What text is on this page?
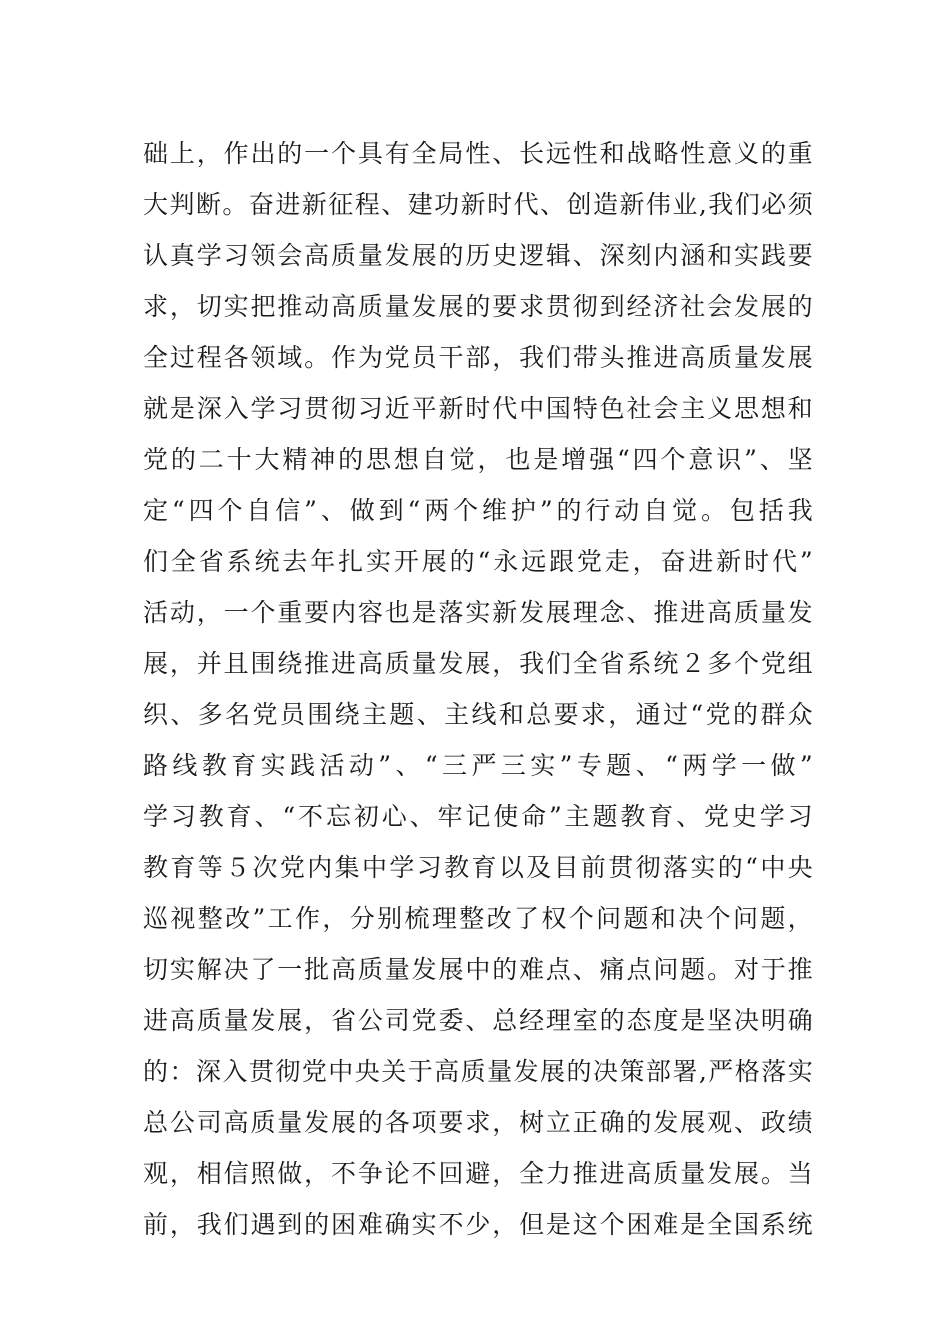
础上，作出的一个具有全局性、长远性和战略性意义的重
大判断。奋进新征程、建功新时代、创造新伟业,我们必须
认真学习领会高质量发展的历史逻辑、深刻内涵和实践要
求，切实把推动高质量发展的要求贯彻到经济社会发展的
全过程各领域。作为党员干部，我们带头推进高质量发展
就是深入学习贯彻习近平新时代中国特色社会主义思想和
党的二十大精神的思想自觉，也是增强“四个意识”、坚
定“四个自信”、做到“两个维护”的行动自觉。包括我
们全省系统去年扎实开展的“永远跟党走，奋进新时代”
活动，一个重要内容也是落实新发展理念、推进高质量发
展，并且围绕推进高质量发展，我们全省系统２多个党组
织、多名党员围绕主题、主线和总要求，通过“党的群众
路线教育实践活动”、“三严三实”专题、“两学一做”
学习教育、“不忘初心、牢记使命”主题教育、党史学习
教育等５次党内集中学习教育以及目前贯彻落实的“中央
巡视整改”工作，分别梳理整改了权个问题和决个问题，
切实解决了一批高质量发展中的难点、痛点问题。对于推
进高质量发展，省公司党委、总经理室的态度是坚决明确
的：深入贯彻党中央关于高质量发展的决策部署,严格落实
总公司高质量发展的各项要求，树立正确的发展观、政绩
观，相信照做，不争论不回避，全力推进高质量发展。当
前，我们遇到的困难确实不少，但是这个困难是全国系统
